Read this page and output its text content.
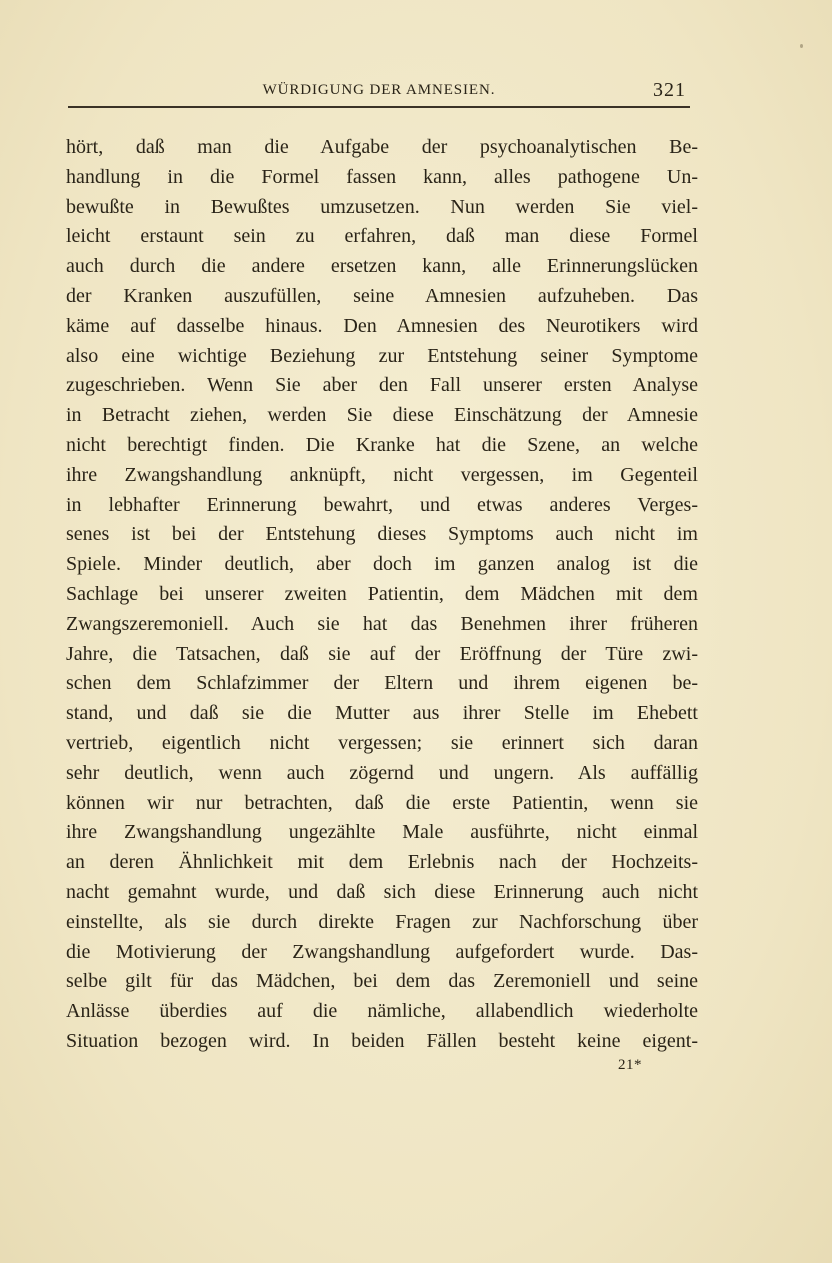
WÜRDIGUNG DER AMNESIEN.	321
hört, daß man die Aufgabe der psychoanalytischen Be-
handlung in die Formel fassen kann, alles pathogene Un-
bewußte in Bewußtes umzusetzen. Nun werden Sie viel-
leicht erstaunt sein zu erfahren, daß man diese Formel
auch durch die andere ersetzen kann, alle Erinnerungslücken
der Kranken auszufüllen, seine Amnesien aufzuheben. Das
käme auf dasselbe hinaus. Den Amnesien des Neurotikers wird
also eine wichtige Beziehung zur Entstehung seiner Symptome
zugeschrieben. Wenn Sie aber den Fall unserer ersten Analyse
in Betracht ziehen, werden Sie diese Einschätzung der Amnesie
nicht berechtigt finden. Die Kranke hat die Szene, an welche
ihre Zwangshandlung anknüpft, nicht vergessen, im Gegenteil
in lebhafter Erinnerung bewahrt, und etwas anderes Verges-
senes ist bei der Entstehung dieses Symptoms auch nicht im
Spiele. Minder deutlich, aber doch im ganzen analog ist die
Sachlage bei unserer zweiten Patientin, dem Mädchen mit dem
Zwangszeremoniell. Auch sie hat das Benehmen ihrer früheren
Jahre, die Tatsachen, daß sie auf der Eröffnung der Türe zwi-
schen dem Schlafzimmer der Eltern und ihrem eigenen be-
stand, und daß sie die Mutter aus ihrer Stelle im Ehebett
vertrieb, eigentlich nicht vergessen; sie erinnert sich daran
sehr deutlich, wenn auch zögernd und ungern. Als auffällig
können wir nur betrachten, daß die erste Patientin, wenn sie
ihre Zwangshandlung ungezählte Male ausführte, nicht einmal
an deren Ähnlichkeit mit dem Erlebnis nach der Hochzeits-
nacht gemahnt wurde, und daß sich diese Erinnerung auch nicht
einstellte, als sie durch direkte Fragen zur Nachforschung über
die Motivierung der Zwangshandlung aufgefordert wurde. Das-
selbe gilt für das Mädchen, bei dem das Zeremoniell und seine
Anlässe überdies auf die nämliche, allabendlich wiederholte
Situation bezogen wird. In beiden Fällen besteht keine eigent-
21*
